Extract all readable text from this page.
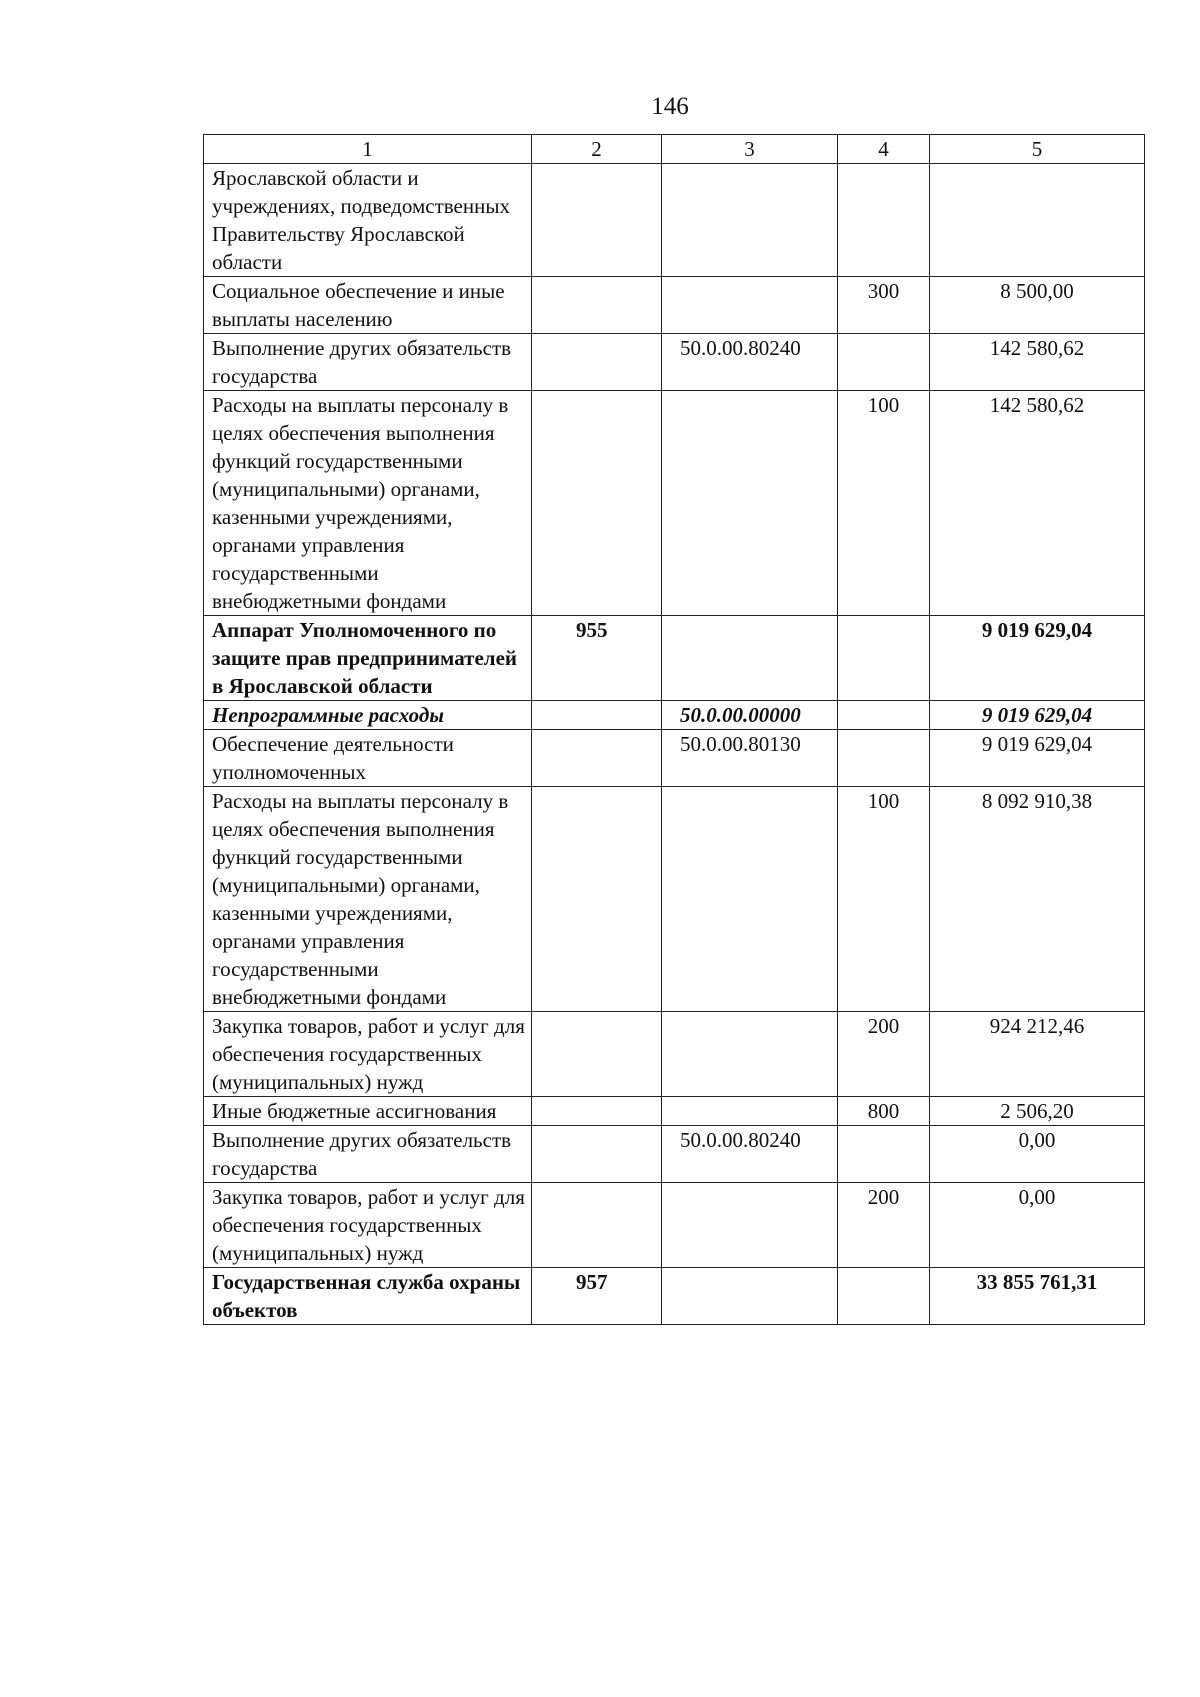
146
1	2	3	4	5
Ярославской области и учреждениях, подведомственных Правительству Ярославской области				
Социальное обеспечение и иные выплаты населению			300	8 500,00
Выполнение других обязательств государства		50.0.00.80240		142 580,62
Расходы на выплаты персоналу в целях обеспечения выполнения функций государственными (муниципальными) органами, казенными учреждениями, органами управления государственными внебюджетными фондами			100	142 580,62
Аппарат Уполномоченного по защите прав предпринимателей в Ярославской области	955			9 019 629,04
Непрограммные расходы		50.0.00.00000		9 019 629,04
Обеспечение деятельности уполномоченных		50.0.00.80130		9 019 629,04
Расходы на выплаты персоналу в целях обеспечения выполнения функций государственными (муниципальными) органами, казенными учреждениями, органами управления государственными внебюджетными фондами			100	8 092 910,38
Закупка товаров, работ и услуг для обеспечения государственных (муниципальных) нужд			200	924 212,46
Иные бюджетные ассигнования			800	2 506,20
Выполнение других обязательств государства		50.0.00.80240		0,00
Закупка товаров, работ и услуг для обеспечения государственных (муниципальных) нужд			200	0,00
Государственная служба охраны объектов	957			33 855 761,31
